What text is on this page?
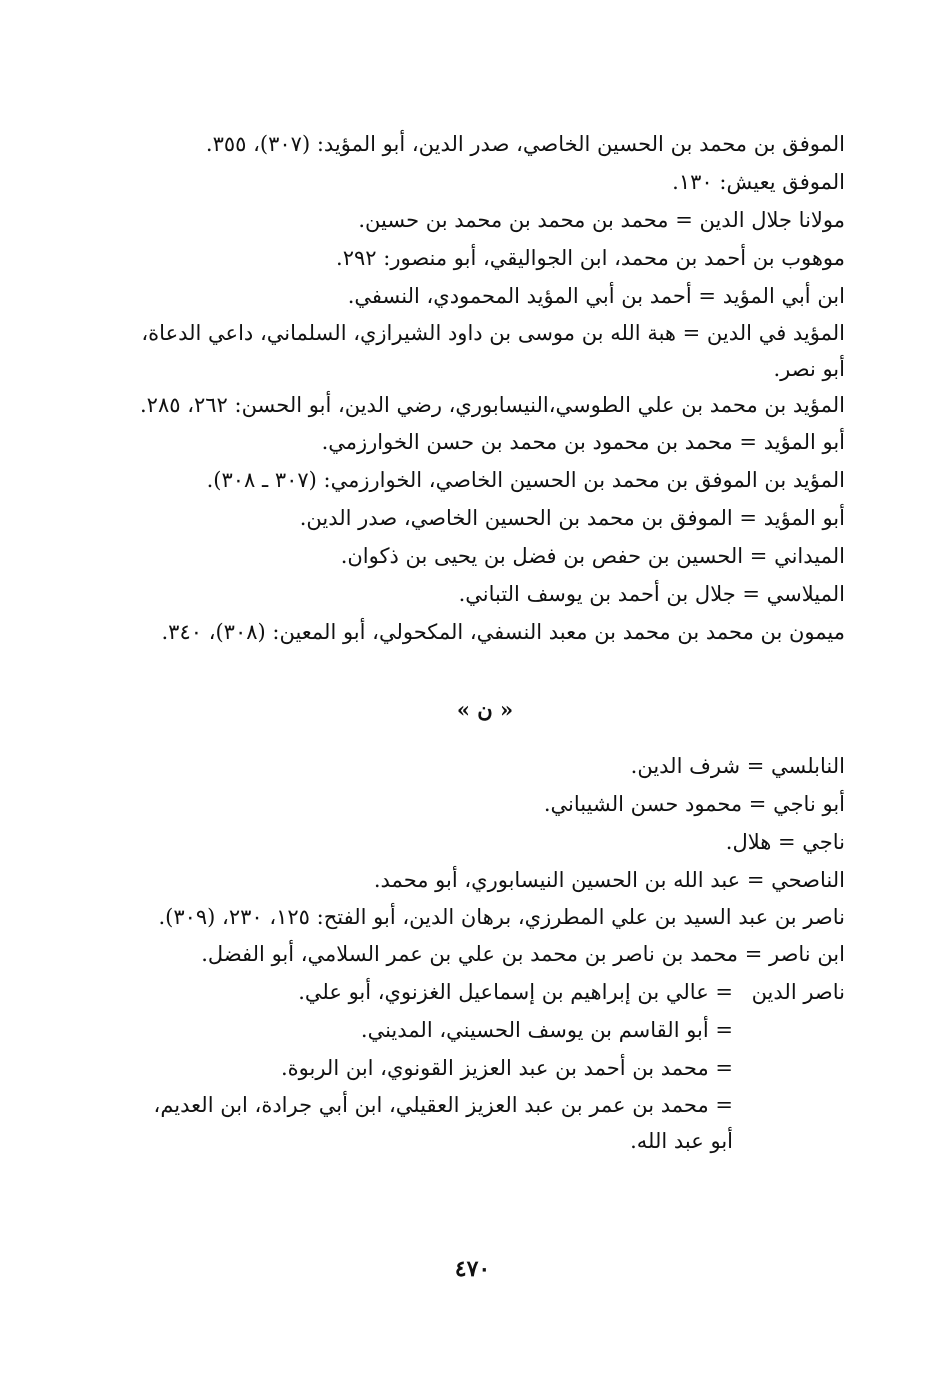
الموفق بن محمد بن الحسين الخاصي، صدر الدين، أبو المؤيد: (٣٠٧)، ٣٥٥.

الموفق يعيش: ١٣٠.

مولانا جلال الدين = محمد بن محمد بن محمد بن حسين.

موهوب بن أحمد بن محمد، ابن الجواليقي، أبو منصور: ٢٩٢.

ابن أبي المؤيد = أحمد بن أبي المؤيد المحمودي، النسفي.

المؤيد في الدين = هبة الله بن موسى بن داود الشيرازي، السلماني، داعي الدعاة، أبو نصر.

المؤيد بن محمد بن علي الطوسي،النيسابوري، رضي الدين، أبو الحسن: ٢٦٢، ٢٨٥.

أبو المؤيد = محمد بن محمود بن محمد بن حسن الخوارزمي.

المؤيد بن الموفق بن محمد بن الحسين الخاصي، الخوارزمي: (٣٠٧ ـ ٣٠٨).

أبو المؤيد = الموفق بن محمد بن الحسين الخاصي، صدر الدين.

الميداني = الحسين بن حفص بن فضل بن يحيى بن ذكوان.

الميلاسي = جلال بن أحمد بن يوسف التباني.

ميمون بن محمد بن محمد بن معبد النسفي، المكحولي، أبو المعين: (٣٠٨)، ٣٤٠.

« ن »

النابلسي = شرف الدين.

أبو ناجي = محمود حسن الشيباني.

ناجي = هلال.

الناصحي = عبد الله بن الحسين النيسابوري، أبو محمد.

ناصر بن عبد السيد بن علي المطرزي، برهان الدين، أبو الفتح: ١٢٥، ٢٣٠، (٣٠٩).

ابن ناصر = محمد بن ناصر بن محمد بن علي بن عمر السلامي، أبو الفضل.

ناصر الدين

= عالي بن إبراهيم بن إسماعيل الغزنوي، أبو علي.

= أبو القاسم بن يوسف الحسيني، المديني.

= محمد بن أحمد بن عبد العزيز القونوي، ابن الربوة.

= محمد بن عمر بن عبد العزيز العقيلي، ابن أبي جرادة، ابن العديم، أبو عبد الله.

٤٧٠
